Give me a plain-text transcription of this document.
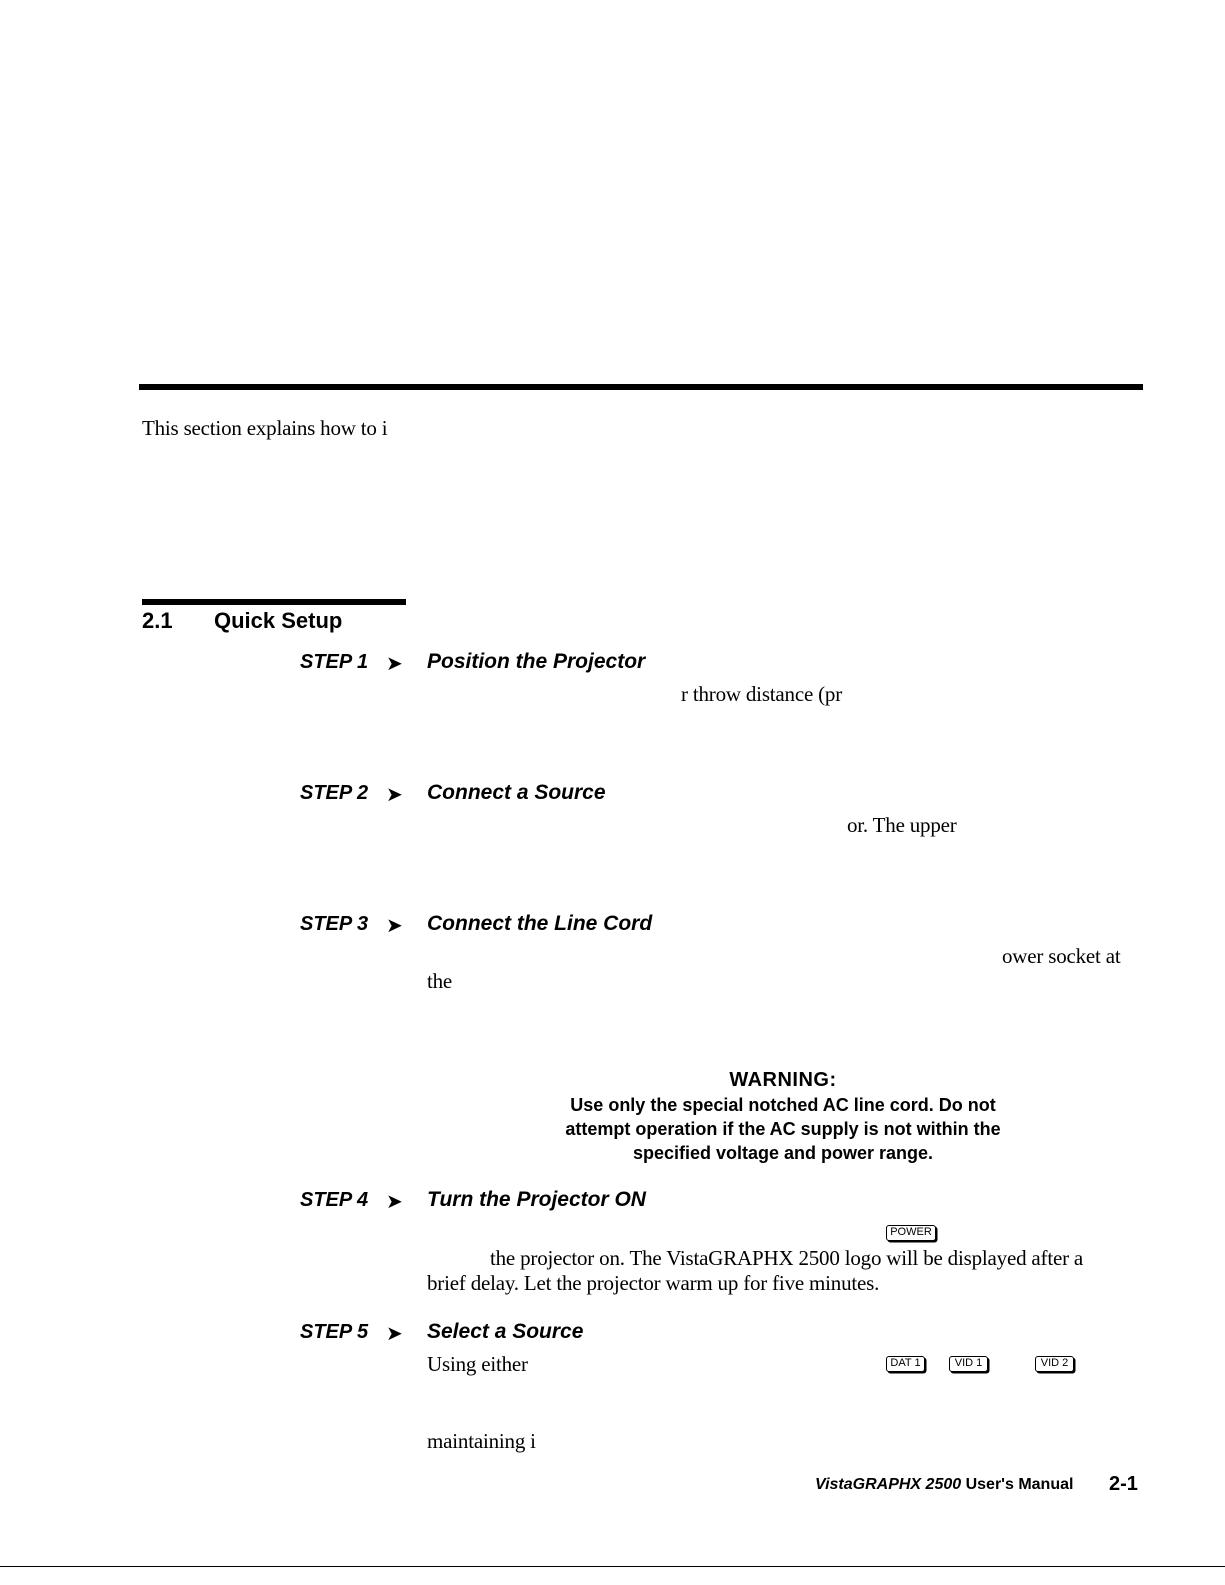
This section explains how to i
2.1 Quick Setup
STEP 1 ➤ Position the Projector
r throw distance (pr
STEP 2 ➤ Connect a Source
or. The upper
STEP 3 ➤ Connect the Line Cord
ower socket at
the
WARNING:
Use only the special notched AC line cord. Do not
attempt operation if the AC supply is not within the
specified voltage and power range.
STEP 4 ➤ Turn the Projector ON
POWER
the projector on. The VistaGRAPHX 2500 logo will be displayed after a
brief delay. Let the projector warm up for five minutes.
STEP 5 ➤ Select a Source
Using either	DAT 1	VID 1	VID 2
maintaining i
VistaGRAPHX 2500 User's Manual 2-1
